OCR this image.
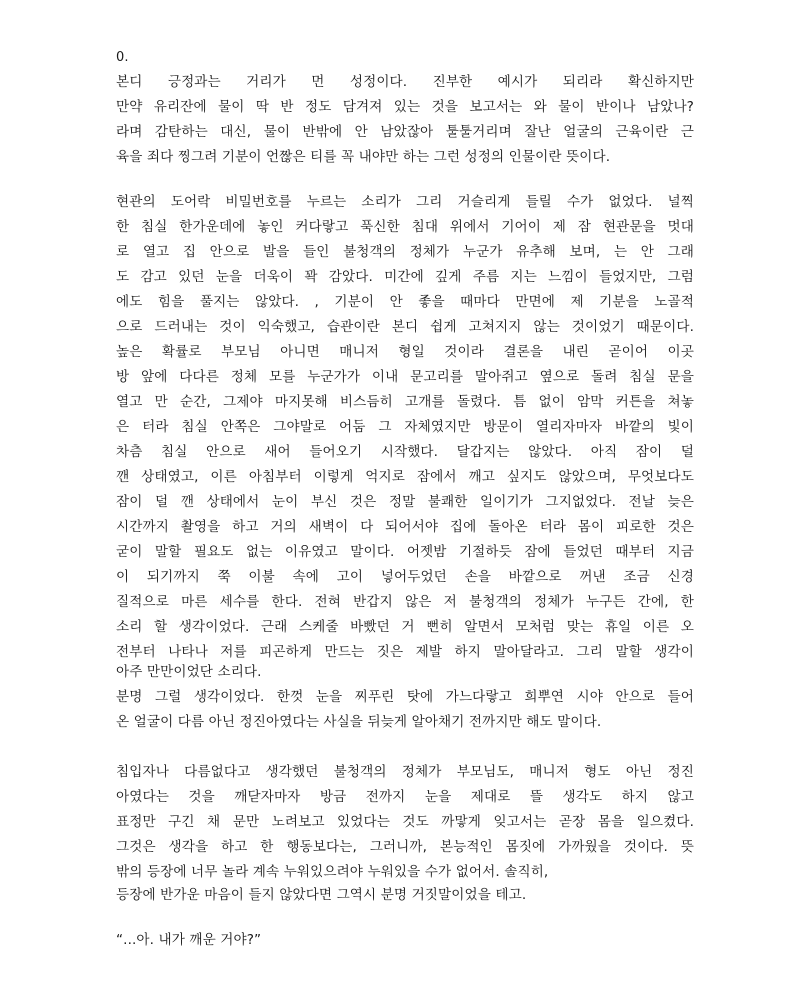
0.
본디 긍정과는 거리가 먼 성정이다. 진부한 예시가 되리라 확신하지만
만약 유리잔에 물이 딱 반 정도 담겨져 있는 것을 보고서는 와 물이 반이나 남았나?
라며 감탄하는 대신, 물이 반밖에 안 남았잖아 툴툴거리며 잘난 얼굴의 근육이란 근
육을 죄다 찡그려 기분이 언짢은 티를 꼭 내야만 하는 그런 성정의 인물이란 뜻이다.
현관의 도어락 비밀번호를 누르는 소리가 그리 거슬리게 들릴 수가 없었다. 널찍
한 침실 한가운데에 놓인 커다랗고 푹신한 침대 위에서 기어이 제 잠 현관문을 멋대
로 열고 집 안으로 발을 들인 불청객의 정체가 누군가 유추해 보며, 는 안 그래
도 감고 있던 눈을 더욱이 꽉 감았다. 미간에 깊게 주름 지는 느낌이 들었지만, 그럼
에도 힘을 풀지는 않았다. , 기분이 안 좋을 때마다 만면에 제 기분을 노골적
으로 드러내는 것이 익숙했고, 습관이란 본디 쉽게 고쳐지지 않는 것이었기 때문이다.
높은 확률로 부모님 아니면 매니저 형일 것이라 결론을 내린 곧이어 이곳
방 앞에 다다른 정체 모를 누군가가 이내 문고리를 말아쥐고 옆으로 돌려 침실 문을
열고 만 순간, 그제야 마지못해 비스듬히 고개를 돌렸다. 틈 없이 암막 커튼을 쳐놓
은 터라 침실 안쪽은 그야말로 어둠 그 자체였지만 방문이 열리자마자 바깥의 빛이
차츰 침실 안으로 새어 들어오기 시작했다. 달갑지는 않았다. 아직 잠이 덜
깬 상태였고, 이른 아침부터 이렇게 억지로 잠에서 깨고 싶지도 않았으며, 무엇보다도
잠이 덜 깬 상태에서 눈이 부신 것은 정말 불쾌한 일이기가 그지없었다. 전날 늦은
시간까지 촬영을 하고 거의 새벽이 다 되어서야 집에 돌아온 터라 몸이 피로한 것은
굳이 말할 필요도 없는 이유였고 말이다. 어젯밤 기절하듯 잠에 들었던 때부터 지금
이 되기까지 쭉 이불 속에 고이 넣어두었던 손을 바깥으로 꺼낸 조금 신경
질적으로 마른 세수를 한다. 전혀 반갑지 않은 저 불청객의 정체가 누구든 간에, 한
소리 할 생각이었다. 근래 스케줄 바빴던 거 뻔히 알면서 모처럼 맞는 휴일 이른 오
전부터 나타나 저를 피곤하게 만드는 짓은 제발 하지 말아달라고. 그리 말할 생각이
아주 만만이었단 소리다.
분명 그럴 생각이었다. 한껏 눈을 찌푸린 탓에 가느다랗고 희뿌연 시야 안으로 들어
온 얼굴이 다름 아닌 정진아였다는 사실을 뒤늦게 알아채기 전까지만 해도 말이다.
침입자나 다름없다고 생각했던 불청객의 정체가 부모님도, 매니저 형도 아닌 정진
아였다는 것을 깨닫자마자 방금 전까지 눈을 제대로 뜰 생각도 하지 않고
표정만 구긴 채 문만 노려보고 있었다는 것도 까맣게 잊고서는 곧장 몸을 일으켰다.
그것은 생각을 하고 한 행동보다는, 그러니까, 본능적인 몸짓에 가까웠을 것이다. 뜻
밖의 등장에 너무 놀라 계속 누워있으려야 누워있을 수가 없어서. 솔직히,
등장에 반가운 마음이 들지 않았다면 그역시 분명 거짓말이었을 테고.
“...아. 내가 깨운 거야?”
